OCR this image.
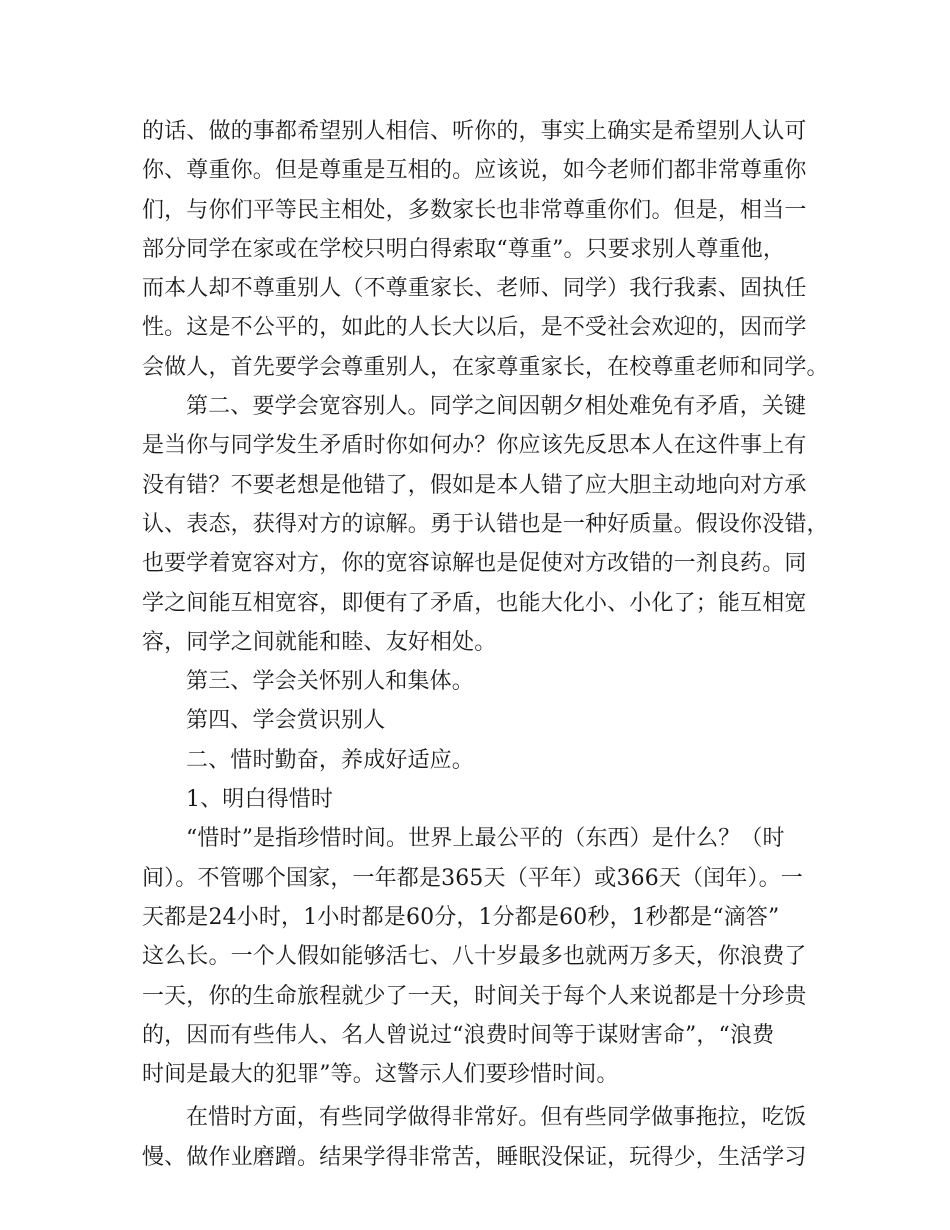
的话、做的事都希望别人相信、听你的，事实上确实是希望别人认可

你、尊重你。但是尊重是互相的。应该说，如今老师们都非常尊重你

们，与你们平等民主相处，多数家长也非常尊重你们。但是，相当一

部分同学在家或在学校只明白得索取“尊重”。只要求别人尊重他，

而本人却不尊重别人（不尊重家长、老师、同学）我行我素、固执任

性。这是不公平的，如此的人长大以后，是不受社会欢迎的，因而学

会做人，首先要学会尊重别人，在家尊重家长，在校尊重老师和同学。

第二、要学会宽容别人。同学之间因朝夕相处难免有矛盾，关键

是当你与同学发生矛盾时你如何办？你应该先反思本人在这件事上有

没有错？不要老想是他错了，假如是本人错了应大胆主动地向对方承

认、表态，获得对方的谅解。勇于认错也是一种好质量。假设你没错，

也要学着宽容对方，你的宽容谅解也是促使对方改错的一剂良药。同

学之间能互相宽容，即便有了矛盾，也能大化小、小化了；能互相宽

容，同学之间就能和睦、友好相处。

第三、学会关怀别人和集体。

第四、学会赏识别人

二、惜时勤奋，养成好适应。

1、明白得惜时

“惜时”是指珍惜时间。世界上最公平的（东西）是什么？（时

间）。不管哪个国家，一年都是365天（平年）或366天（闰年）。一

天都是24小时，1小时都是60分，1分都是60秒，1秒都是“滴答”

这么长。一个人假如能够活七、八十岁最多也就两万多天，你浪费了

一天，你的生命旅程就少了一天，时间关于每个人来说都是十分珍贵

的，因而有些伟人、名人曾说过“浪费时间等于谋财害命”，“浪费

时间是最大的犯罪”等。这警示人们要珍惜时间。

在惜时方面，有些同学做得非常好。但有些同学做事拖拉，吃饭

慢、做作业磨蹭。结果学得非常苦，睡眠没保证，玩得少，生活学习
